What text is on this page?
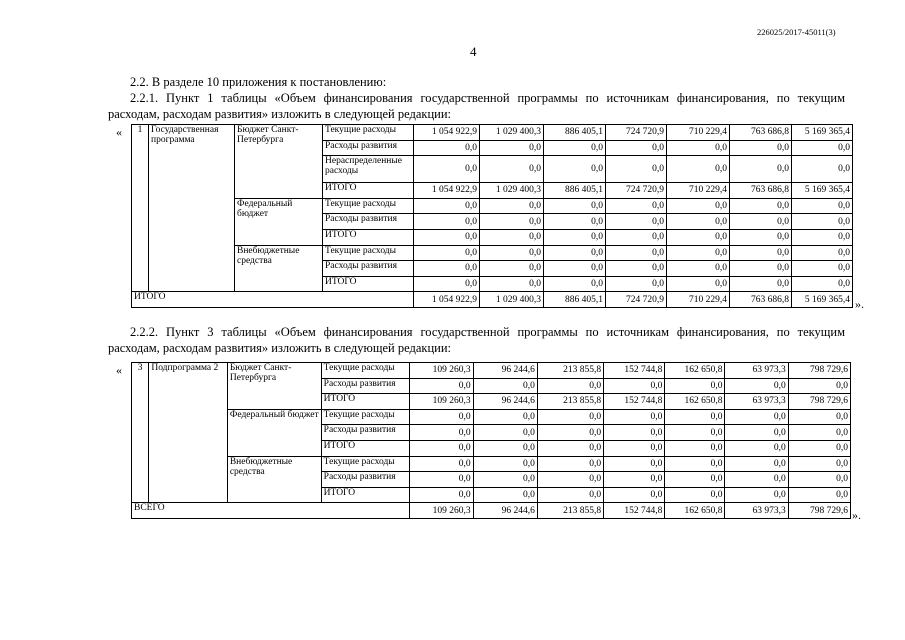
226025/2017-45011(3)
4
2.2. В разделе 10 приложения к постановлению:
2.2.1. Пункт 1 таблицы «Объем финансирования государственной программы по источникам финансирования, по текущим
расходам, расходам развития» изложить в следующей редакции:
« 1	Государственная программа	Бюджет Санкт-Петербурга	Текущие расходы	1 054 922,9	1 029 400,3	886 405,1	724 720,9	710 229,4	763 686,8	5 169 365,4
			Расходы развития	0,0	0,0	0,0	0,0	0,0	0,0	0,0
			Нераспределенные расходы	0,0	0,0	0,0	0,0	0,0	0,0	0,0
			ИТОГО	1 054 922,9	1 029 400,3	886 405,1	724 720,9	710 229,4	763 686,8	5 169 365,4
		Федеральный бюджет	Текущие расходы	0,0	0,0	0,0	0,0	0,0	0,0	0,0
			Расходы развития	0,0	0,0	0,0	0,0	0,0	0,0	0,0
			ИТОГО	0,0	0,0	0,0	0,0	0,0	0,0	0,0
		Внебюджетные средства	Текущие расходы	0,0	0,0	0,0	0,0	0,0	0,0	0,0
			Расходы развития	0,0	0,0	0,0	0,0	0,0	0,0	0,0
			ИТОГО	0,0	0,0	0,0	0,0	0,0	0,0	0,0
ИТОГО				1 054 922,9	1 029 400,3	886 405,1	724 720,9	710 229,4	763 686,8	5 169 365,4 ».
2.2.2. Пункт 3 таблицы «Объем финансирования государственной программы по источникам финансирования, по текущим
расходам, расходам развития» изложить в следующей редакции:
« 3	Подпрограмма 2	Бюджет Санкт-Петербурга	Текущие расходы	109 260,3	96 244,6	213 855,8	152 744,8	162 650,8	63 973,3	798 729,6
			Расходы развития	0,0	0,0	0,0	0,0	0,0	0,0	0,0
			ИТОГО	109 260,3	96 244,6	213 855,8	152 744,8	162 650,8	63 973,3	798 729,6
		Федеральный бюджет	Текущие расходы	0,0	0,0	0,0	0,0	0,0	0,0	0,0
			Расходы развития	0,0	0,0	0,0	0,0	0,0	0,0	0,0
			ИТОГО	0,0	0,0	0,0	0,0	0,0	0,0	0,0
		Внебюджетные средства	Текущие расходы	0,0	0,0	0,0	0,0	0,0	0,0	0,0
			Расходы развития	0,0	0,0	0,0	0,0	0,0	0,0	0,0
			ИТОГО	0,0	0,0	0,0	0,0	0,0	0,0	0,0
ВСЕГО				109 260,3	96 244,6	213 855,8	152 744,8	162 650,8	63 973,3	798 729,6 ».
